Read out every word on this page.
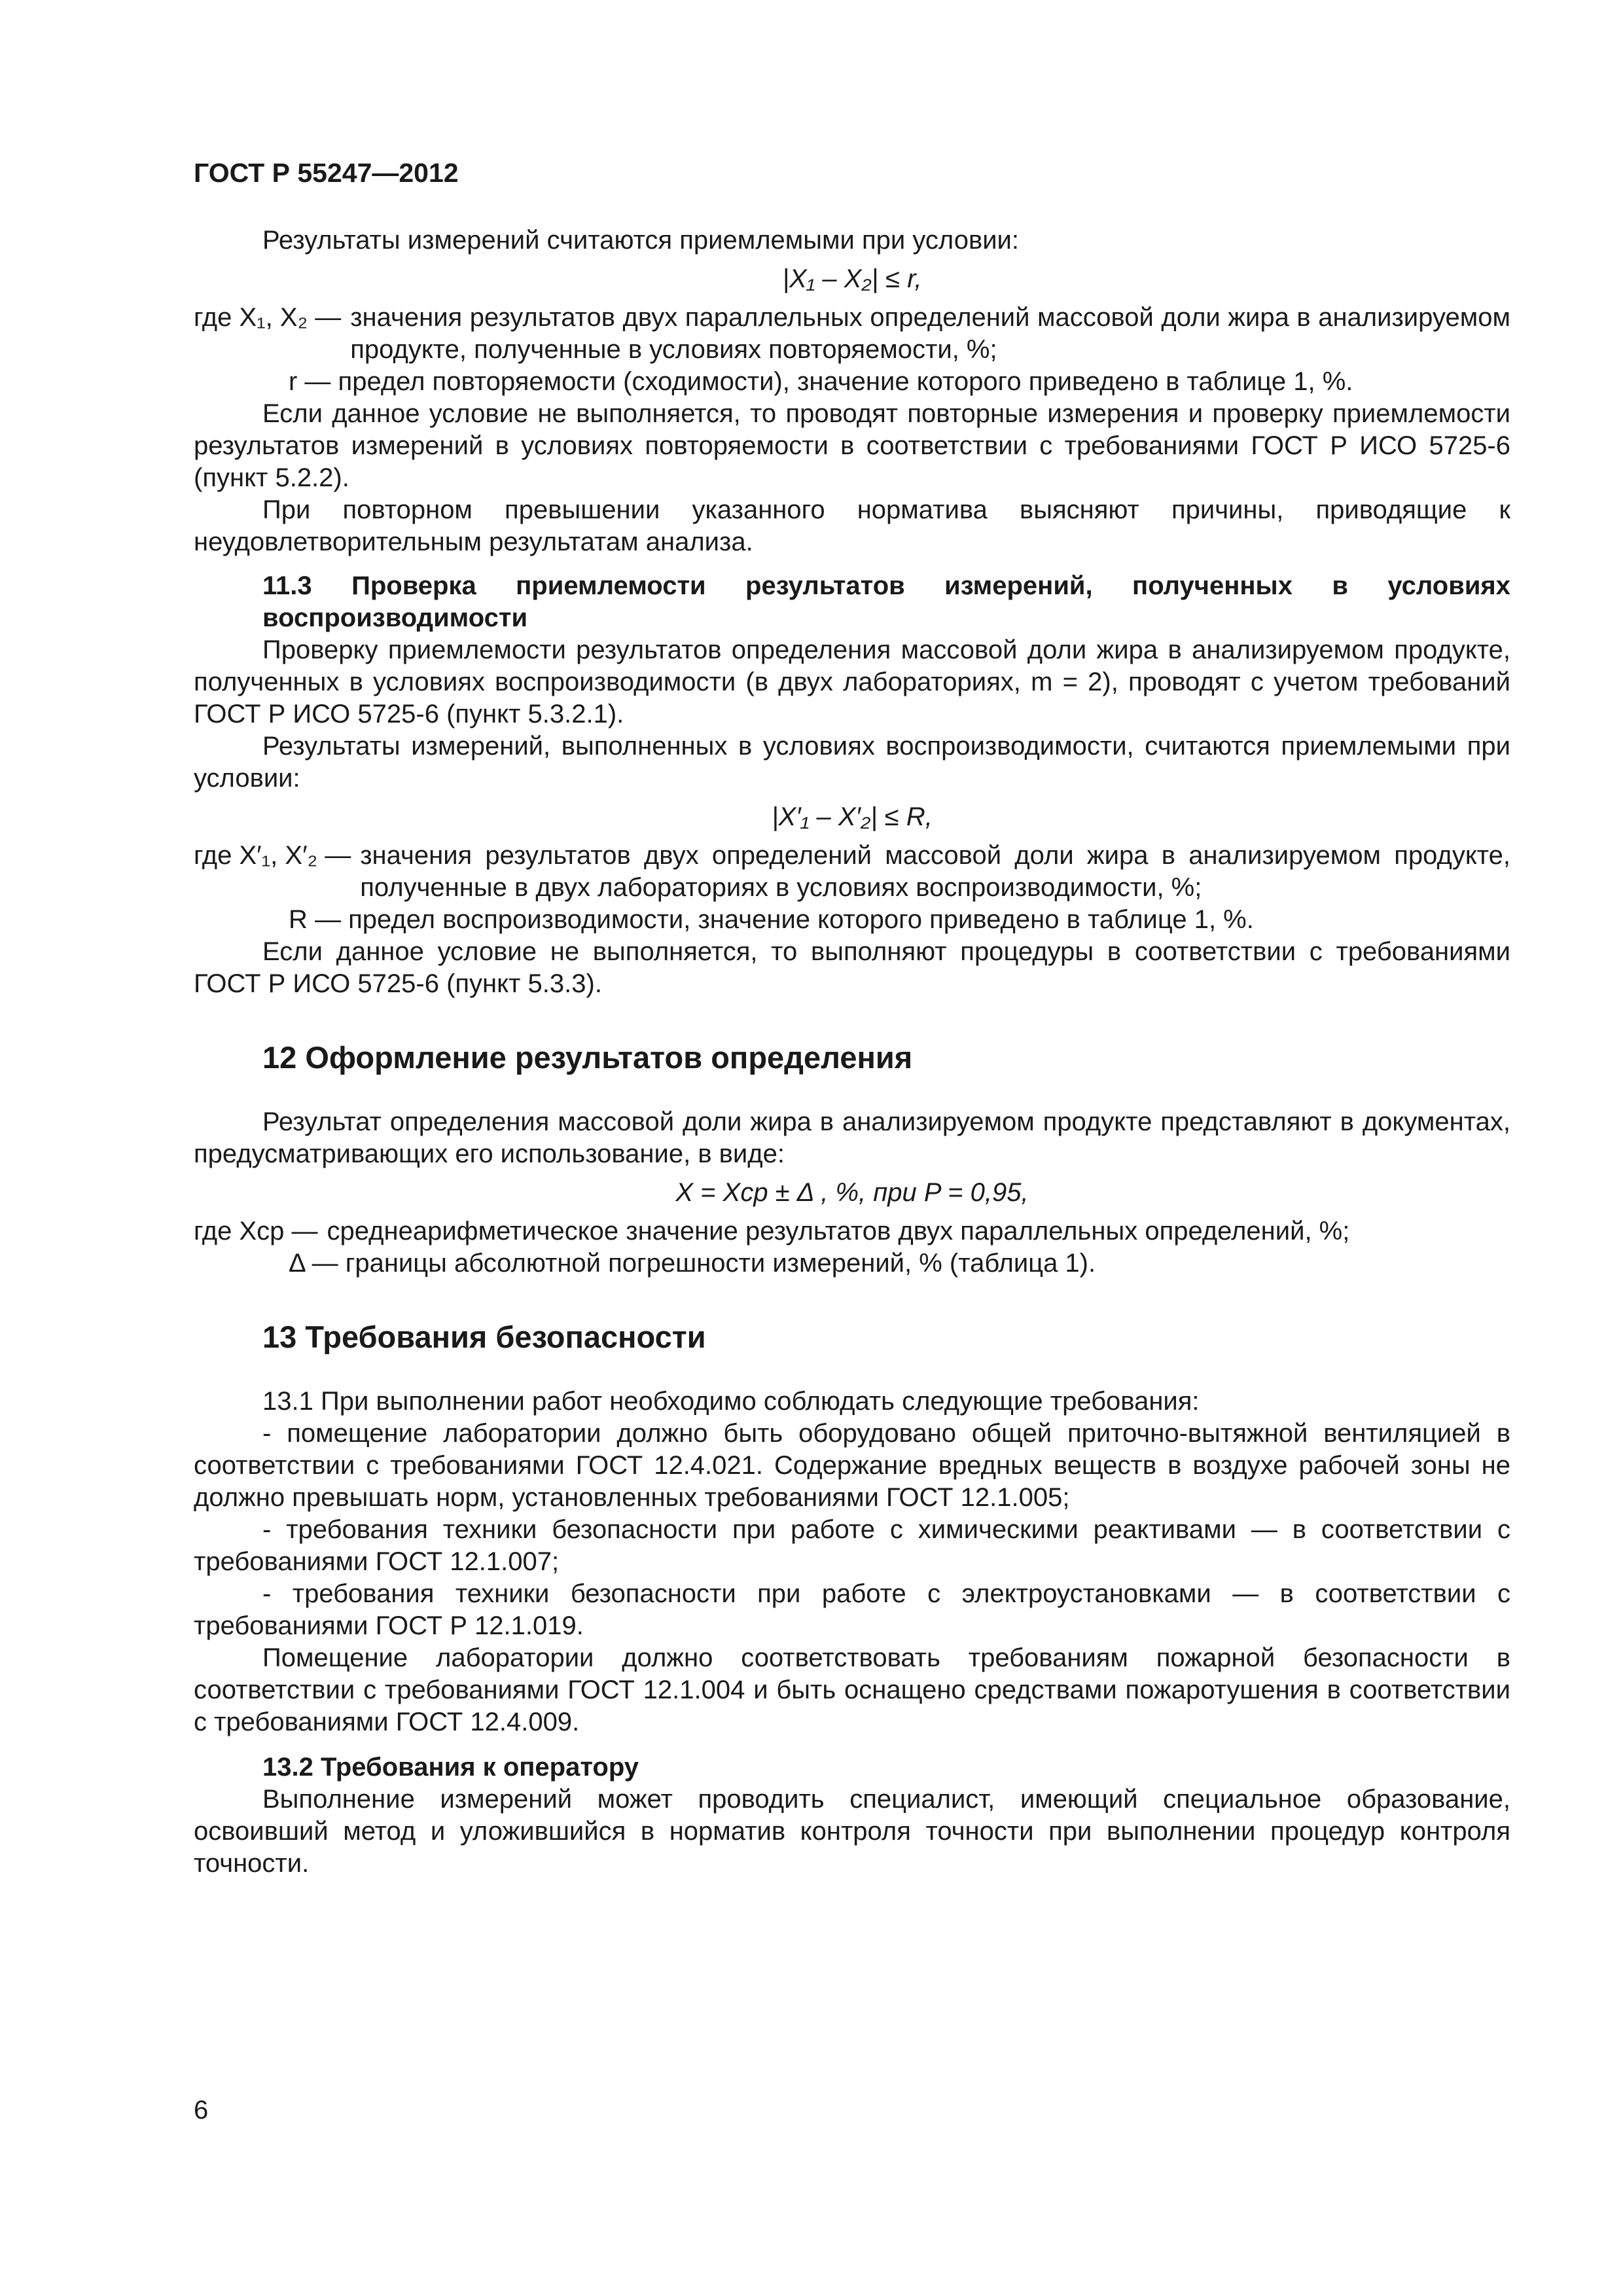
ГОСТ Р 55247—2012

Результаты измерений считаются приемлемыми при условии:

|X₁ – X₂| ≤ r,

где X₁, X₂ — значения результатов двух параллельных определений массовой доли жира в анализируемом продукте, полученные в условиях повторяемости, %;

r — предел повторяемости (сходимости), значение которого приведено в таблице 1, %.

Если данное условие не выполняется, то проводят повторные измерения и проверку приемлемости результатов измерений в условиях повторяемости в соответствии с требованиями ГОСТ Р ИСО 5725-6 (пункт 5.2.2).

При повторном превышении указанного норматива выясняют причины, приводящие к неудовлетворительным результатам анализа.

11.3 Проверка приемлемости результатов измерений, полученных в условиях
воспроизводимости

Проверку приемлемости результатов определения массовой доли жира в анализируемом продукте, полученных в условиях воспроизводимости (в двух лабораториях, m = 2), проводят с учетом требований ГОСТ Р ИСО 5725-6 (пункт 5.3.2.1).

Результаты измерений, выполненных в условиях воспроизводимости, считаются приемлемыми при условии:

|X′₁ – X′₂| ≤ R,

где X′₁, X′₂ — значения результатов двух определений массовой доли жира в анализируемом продукте, полученные в двух лабораториях в условиях воспроизводимости, %;

R — предел воспроизводимости, значение которого приведено в таблице 1, %.

Если данное условие не выполняется, то выполняют процедуры в соответствии с требованиями ГОСТ Р ИСО 5725-6 (пункт 5.3.3).

12 Оформление результатов определения

Результат определения массовой доли жира в анализируемом продукте представляют в документах, предусматривающих его использование, в виде:

X = Xср ± Δ , %, при P = 0,95,

где Xср — среднеарифметическое значение результатов двух параллельных определений, %;

Δ — границы абсолютной погрешности измерений, % (таблица 1).

13 Требования безопасности

13.1 При выполнении работ необходимо соблюдать следующие требования:

- помещение лаборатории должно быть оборудовано общей приточно-вытяжной вентиляцией в соответствии с требованиями ГОСТ 12.4.021. Содержание вредных веществ в воздухе рабочей зоны не должно превышать норм, установленных требованиями ГОСТ 12.1.005;

- требования техники безопасности при работе с химическими реактивами — в соответствии с требованиями ГОСТ 12.1.007;

- требования техники безопасности при работе с электроустановками — в соответствии с требованиями ГОСТ Р 12.1.019.

Помещение лаборатории должно соответствовать требованиям пожарной безопасности в соответствии с требованиями ГОСТ 12.1.004 и быть оснащено средствами пожаротушения в соответствии с требованиями ГОСТ 12.4.009.

13.2 Требования к оператору

Выполнение измерений может проводить специалист, имеющий специальное образование, освоивший метод и уложившийся в норматив контроля точности при выполнении процедур контроля точности.

6
